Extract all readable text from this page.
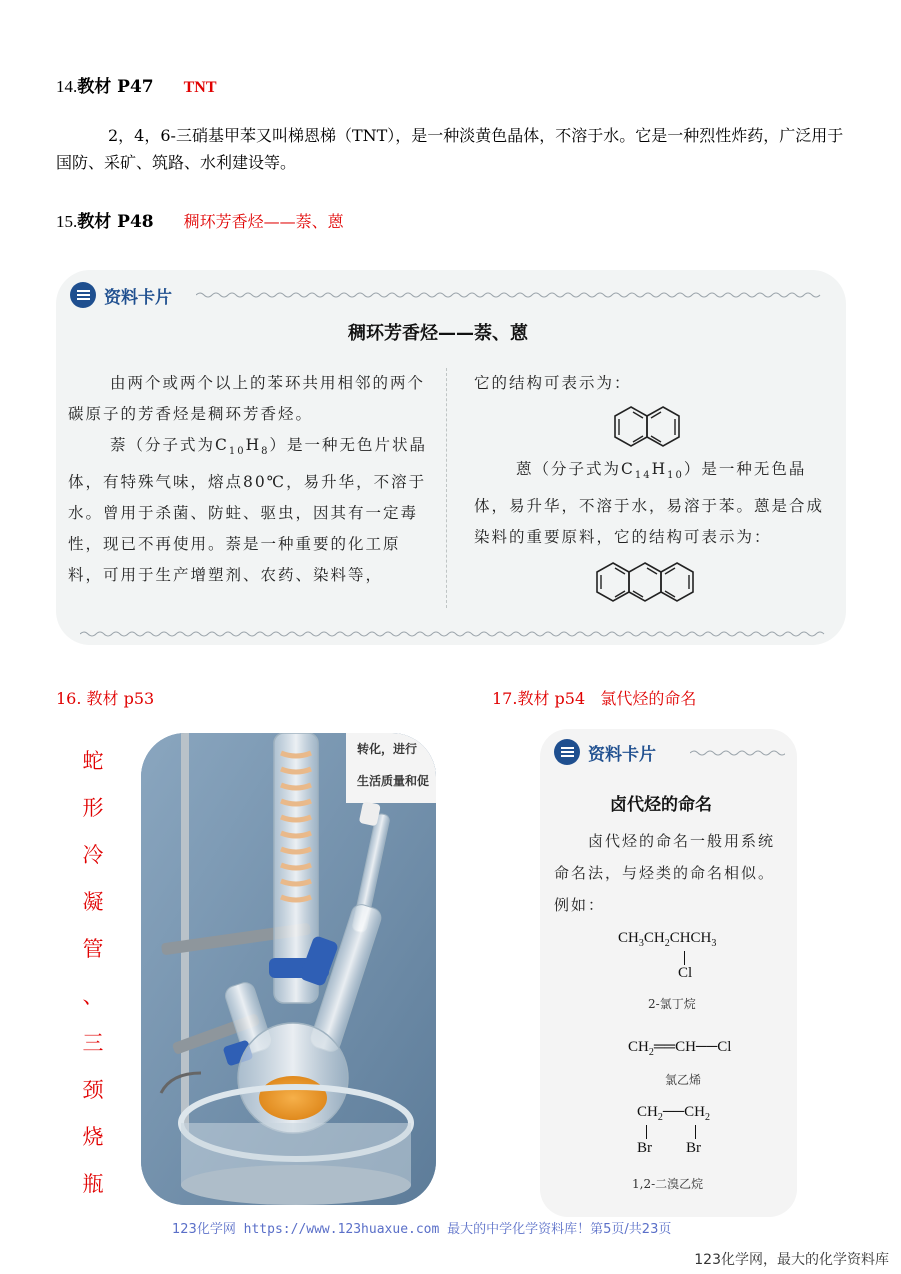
14.教材 P47 TNT
2，4，6-三硝基甲苯又叫梯恩梯（TNT），是一种淡黄色晶体，不溶于水。它是一种烈性炸药，广泛用于国防、采矿、筑路、水利建设等。
15.教材 P48 稠环芳香烃——萘、蒽
资料卡片
稠环芳香烃——萘、蒽
由两个或两个以上的苯环共用相邻的两个碳原子的芳香烃是稠环芳香烃。
萘（分子式为$C_{10}H_8$）是一种无色片状晶体，有特殊气味，熔点80℃，易升华，不溶于水。曾用于杀菌、防蛀、驱虫，因其有一定毒性，现已不再使用。萘是一种重要的化工原料，可用于生产增塑剂、农药、染料等，
它的结构可表示为：
蒽（分子式为$C_{14}H_{10}$）是一种无色晶体，易升华，不溶于水，易溶于苯。蒽是合成染料的重要原料，它的结构可表示为：
16. 教材 p53	17.教材 p54   氯代烃的命名
蛇
形
冷
凝
管
、
三
颈
烧
瓶
转化，进行
生活质量和促
资料卡片
卤代烃的命名
卤代烃的命名一般用系统命名法，与烃类的命名相似。例如：
$CH_3CH_2CHCH_3$
Cl
2-氯丁烷
$CH_2══CH──Cl$
氯乙烯
$CH_2──CH_2$
Br Br
1,2-二溴乙烷
123化学网 https://www.123huaxue.com 最大的中学化学资料库！第5页/共23页
123化学网，最大的化学资料库
